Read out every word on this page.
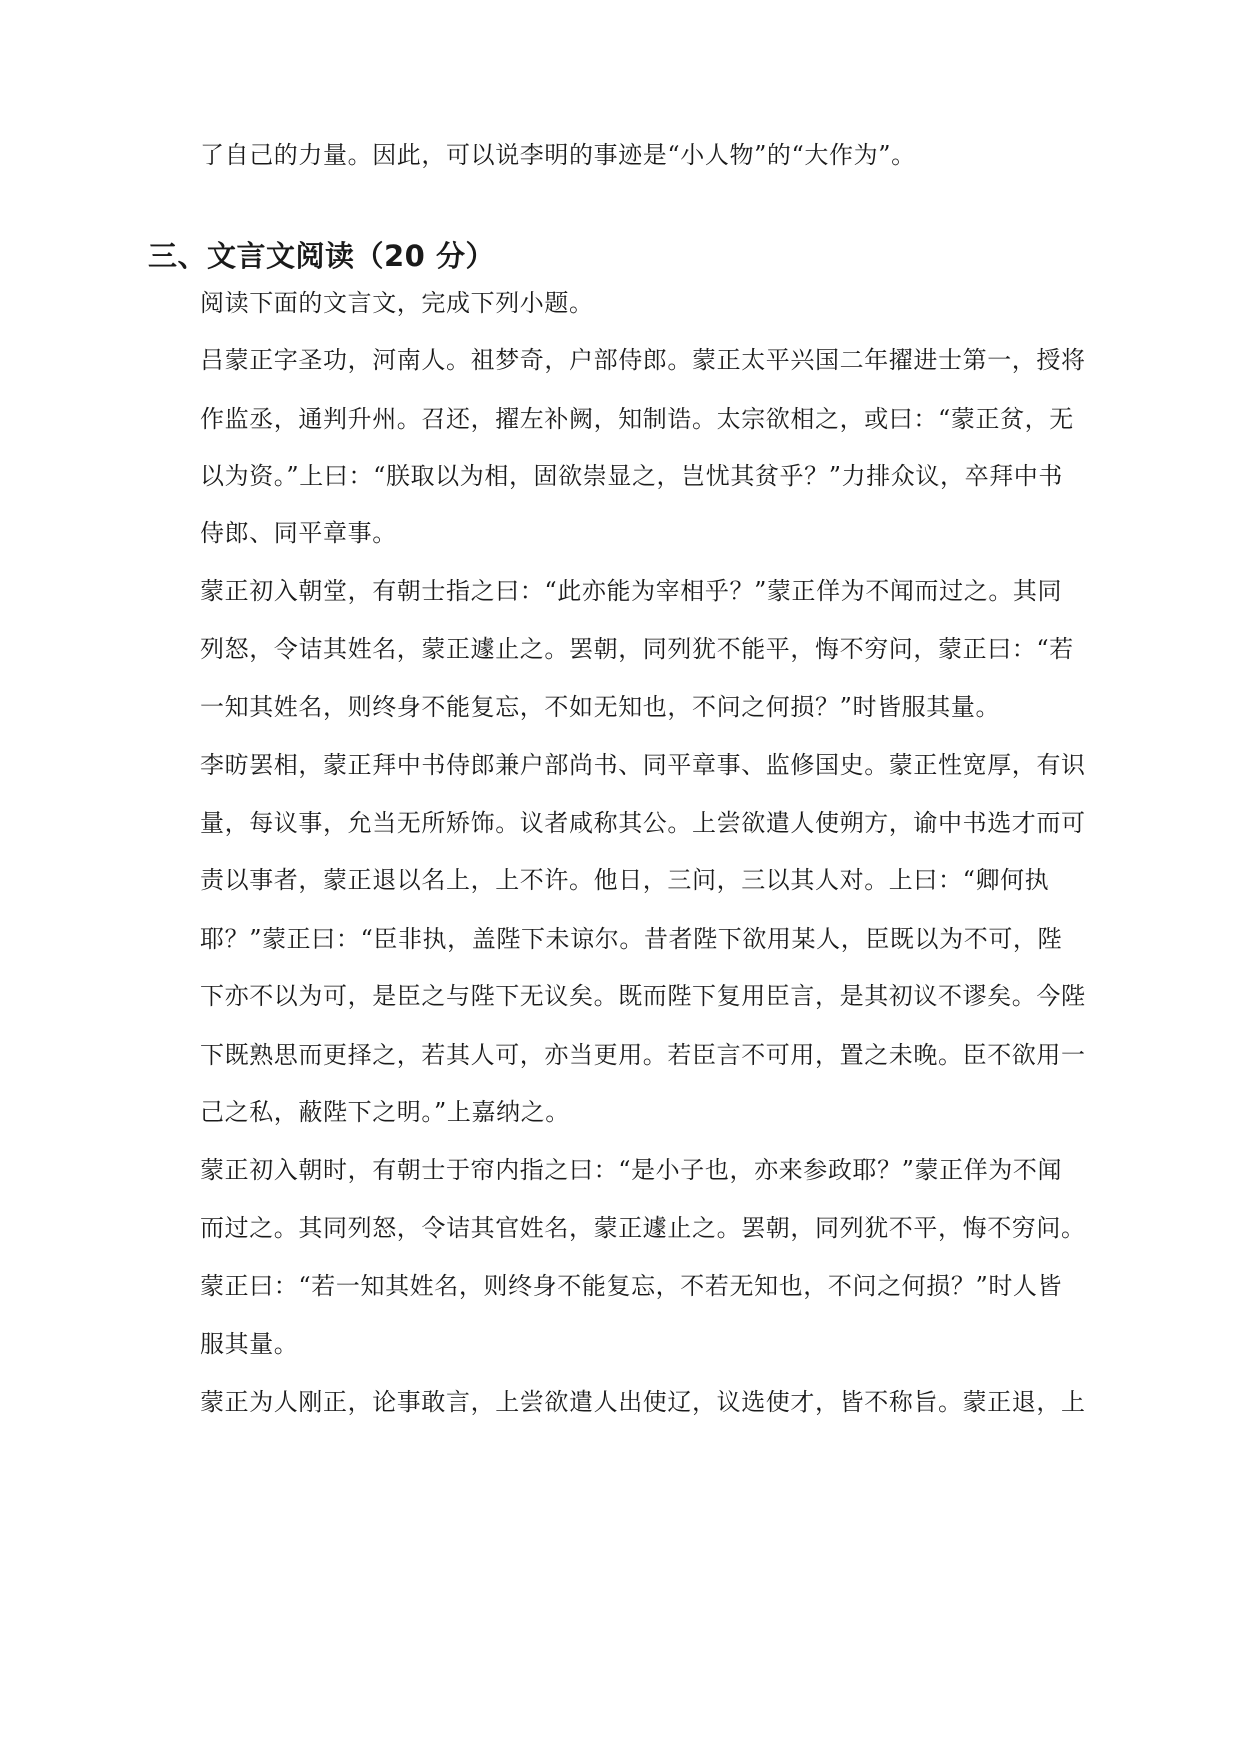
了自己的力量。因此，可以说李明的事迹是“小人物”的“大作为”。
三、文言文阅读（20 分）
阅读下面的文言文，完成下列小题。
吕蒙正字圣功，河南人。祖梦奇，户部侍郎。蒙正太平兴国二年擢进士第一，授将
作监丞，通判升州。召还，擢左补阙，知制诰。太宗欲相之，或曰：“蒙正贫，无
以为资。”上曰：“朕取以为相，固欲崇显之，岂忧其贫乎？”力排众议，卒拜中书
侍郎、同平章事。
蒙正初入朝堂，有朝士指之曰：“此亦能为宰相乎？”蒙正佯为不闻而过之。其同
列怒，令诘其姓名，蒙正遽止之。罢朝，同列犹不能平，悔不穷问，蒙正曰：“若
一知其姓名，则终身不能复忘，不如无知也，不问之何损？”时皆服其量。
李昉罢相，蒙正拜中书侍郎兼户部尚书、同平章事、监修国史。蒙正性宽厚，有识
量，每议事，允当无所矫饰。议者咸称其公。上尝欲遣人使朔方，谕中书选才而可
责以事者，蒙正退以名上，上不许。他日，三问，三以其人对。上曰：“卿何执
耶？”蒙正曰：“臣非执，盖陛下未谅尔。昔者陛下欲用某人，臣既以为不可，陛
下亦不以为可，是臣之与陛下无议矣。既而陛下复用臣言，是其初议不谬矣。今陛
下既熟思而更择之，若其人可，亦当更用。若臣言不可用，置之未晚。臣不欲用一
己之私，蔽陛下之明。”上嘉纳之。
蒙正初入朝时，有朝士于帘内指之曰：“是小子也，亦来参政耶？”蒙正佯为不闻
而过之。其同列怒，令诘其官姓名，蒙正遽止之。罢朝，同列犹不平，悔不穷问。
蒙正曰：“若一知其姓名，则终身不能复忘，不若无知也，不问之何损？”时人皆
服其量。
蒙正为人刚正，论事敢言，上尝欲遣人出使辽，议选使才，皆不称旨。蒙正退，上
